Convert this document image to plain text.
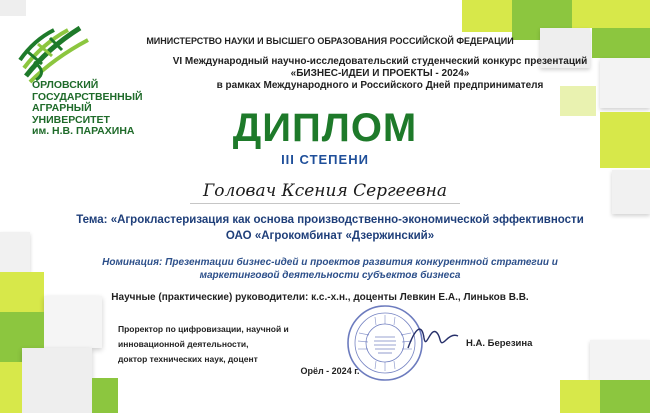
ОРЛОВСКИЙ
ГОСУДАРСТВЕННЫЙ
АГРАРНЫЙ
УНИВЕРСИТЕТ
им. Н.В. ПАРАХИНА
МИНИСТЕРСТВО НАУКИ И ВЫСШЕГО ОБРАЗОВАНИЯ РОССИЙСКОЙ ФЕДЕРАЦИИ
VI Международный научно-исследовательский студенческий конкурс презентаций
«БИЗНЕС-ИДЕИ И ПРОЕКТЫ - 2024»
в рамках Международного и Российского Дней предпринимателя
ДИПЛОМ
III СТЕПЕНИ
Головач Ксения Сергеевна
Тема: «Агрокластеризация как основа производственно-экономической эффективности
ОАО «Агрокомбинат «Дзержинский»
Номинация: Презентации бизнес-идей и проектов развития конкурентной стратегии и
маркетинговой деятельности субъектов бизнеса
Научные (практические) руководители: к.с.-х.н., доценты Левкин Е.А., Линьков В.В.
Проректор по цифровизации, научной и
инновационной деятельности,
доктор технических наук, доцент
Н.А. Березина
Орёл - 2024 г.
